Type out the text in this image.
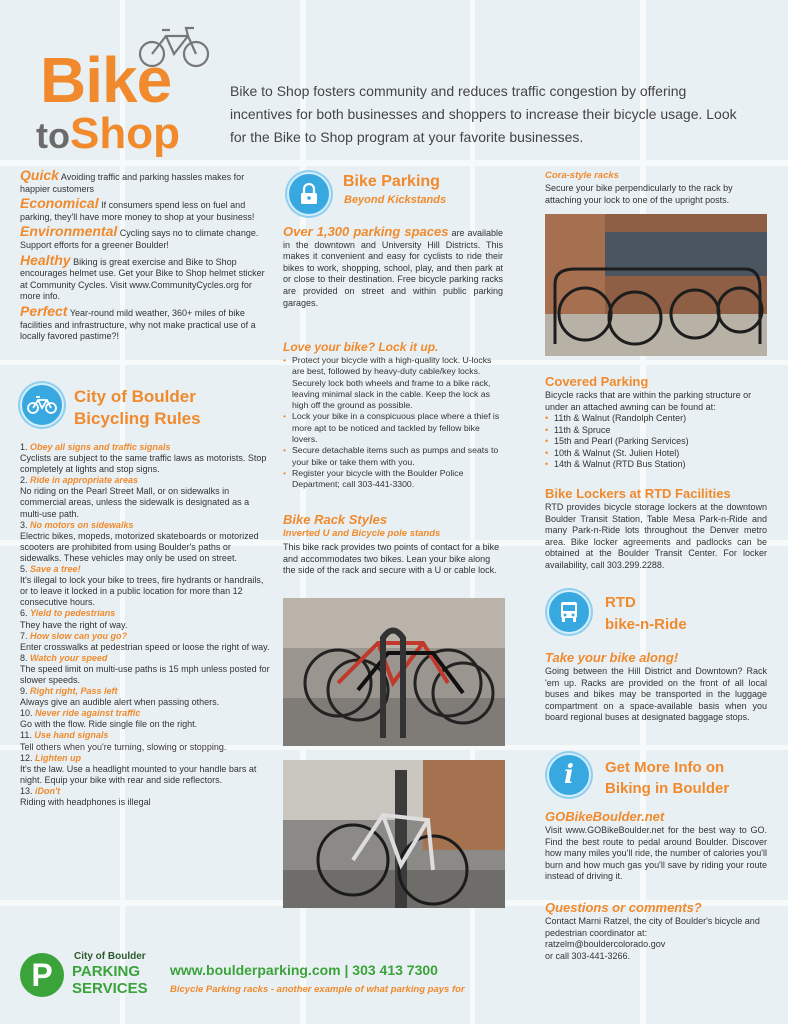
Bike
toShop
Bike to Shop fosters community and reduces traffic congestion by offering incentives for both businesses and shoppers to increase their bicycle usage. Look for the Bike to Shop program at your favorite businesses.
Quick Avoiding traffic and parking hassles makes for happier customers
Economical If consumers spend less on fuel and parking, they'll have more money to shop at your business!
Environmental Cycling says no to climate change. Support efforts for a greener Boulder!
Healthy Biking is great exercise and Bike to Shop encourages helmet use. Get your Bike to Shop helmet sticker at Community Cycles. Visit www.CommunityCycles.org for more info.
Perfect Year-round mild weather, 360+ miles of bike facilities and infrastructure, why not make practical use of a locally favored pastime?!
City of Boulder
Bicycling Rules
1. Obey all signs and traffic signals
Cyclists are subject to the same traffic laws as motorists. Stop completely at lights and stop signs.
2. Ride in appropriate areas
No riding on the Pearl Street Mall, or on sidewalks in commercial areas, unless the sidewalk is designated as a multi-use path.
3. No motors on sidewalks
Electric bikes, mopeds, motorized skateboards or motorized scooters are prohibited from using Boulder's paths or sidewalks. These vehicles may only be used on street.
5. Save a tree!
It's illegal to lock your bike to trees, fire hydrants or handrails, or to leave it locked in a public location for more than 12 consecutive hours.
6. Yield to pedestrians
They have the right of way.
7. How slow can you go?
Enter crosswalks at pedestrian speed or loose the right of way.
8. Watch your speed
The speed limit on multi-use paths is 15 mph unless posted for slower speeds.
9. Right right, Pass left
Always give an audible alert when passing others.
10. Never ride against traffic
Go with the flow. Ride single file on the right.
11. Use hand signals
Tell others when you're turning, slowing or stopping.
12. Lighten up
It's the law. Use a headlight mounted to your handle bars at night. Equip your bike with rear and side reflectors.
13. iDon't
Riding with headphones is illegal
Bike Parking
Beyond Kickstands
Over 1,300 parking spaces are available in the downtown and University Hill Districts. This makes it convenient and easy for cyclists to ride their bikes to work, shopping, school, play, and then park at or close to their destination. Free bicycle parking racks are provided on street and within public parking garages.
Love your bike? Lock it up.
• Protect your bicycle with a high-quality lock. U-locks are best, followed by heavy-duty cable/key locks. Securely lock both wheels and frame to a bike rack, leaving minimal slack in the cable. Keep the lock as high off the ground as possible.
• Lock your bike in a conspicuous place where a thief is more apt to be noticed and tackled by fellow bike lovers.
• Secure detachable items such as pumps and seats to your bike or take them with you.
• Register your bicycle with the Boulder Police Department; call 303-441-3300.
Bike Rack Styles
Inverted U and Bicycle pole stands
This bike rack provides two points of contact for a bike and accommodates two bikes. Lean your bike along the side of the rack and secure with a U or cable lock.
Cora-style racks
Secure your bike perpendicularly to the rack by attaching your lock to one of the upright posts.
Covered Parking
Bicycle racks that are within the parking structure or under an attached awning can be found at:
• 11th & Walnut (Randolph Center)
• 11th & Spruce
• 15th and Pearl (Parking Services)
• 10th & Walnut (St. Julien Hotel)
• 14th & Walnut (RTD Bus Station)
Bike Lockers at RTD Facilities
RTD provides bicycle storage lockers at the downtown Boulder Transit Station, Table Mesa Park-n-Ride and many Park-n-Ride lots throughout the Denver metro area. Bike locker agreements and padlocks can be obtained at the Boulder Transit Center. For locker availability, call 303.299.2288.
RTD
bike-n-Ride
Take your bike along!
Going between the Hill District and Downtown? Rack 'em up. Racks are provided on the front of all local buses and bikes may be transported in the luggage compartment on a space-available basis when you board regional buses at designated baggage stops.
i Get More Info on
Biking in Boulder
GOBikeBoulder.net
Visit www.GOBikeBoulder.net for the best way to GO. Find the best route to pedal around Boulder. Discover how many miles you'll ride, the number of calories you'll burn and how much gas you'll save by riding your route instead of driving it.
Questions or comments?
Contact Marni Ratzel, the city of Boulder's bicycle and pedestrian coordinator at:
ratzelm@bouldercolorado.gov
or call 303-441-3266.
P
City of Boulder
PARKING
SERVICES
www.boulderparking.com | 303 413 7300
Bicycle Parking racks - another example of what parking pays for
